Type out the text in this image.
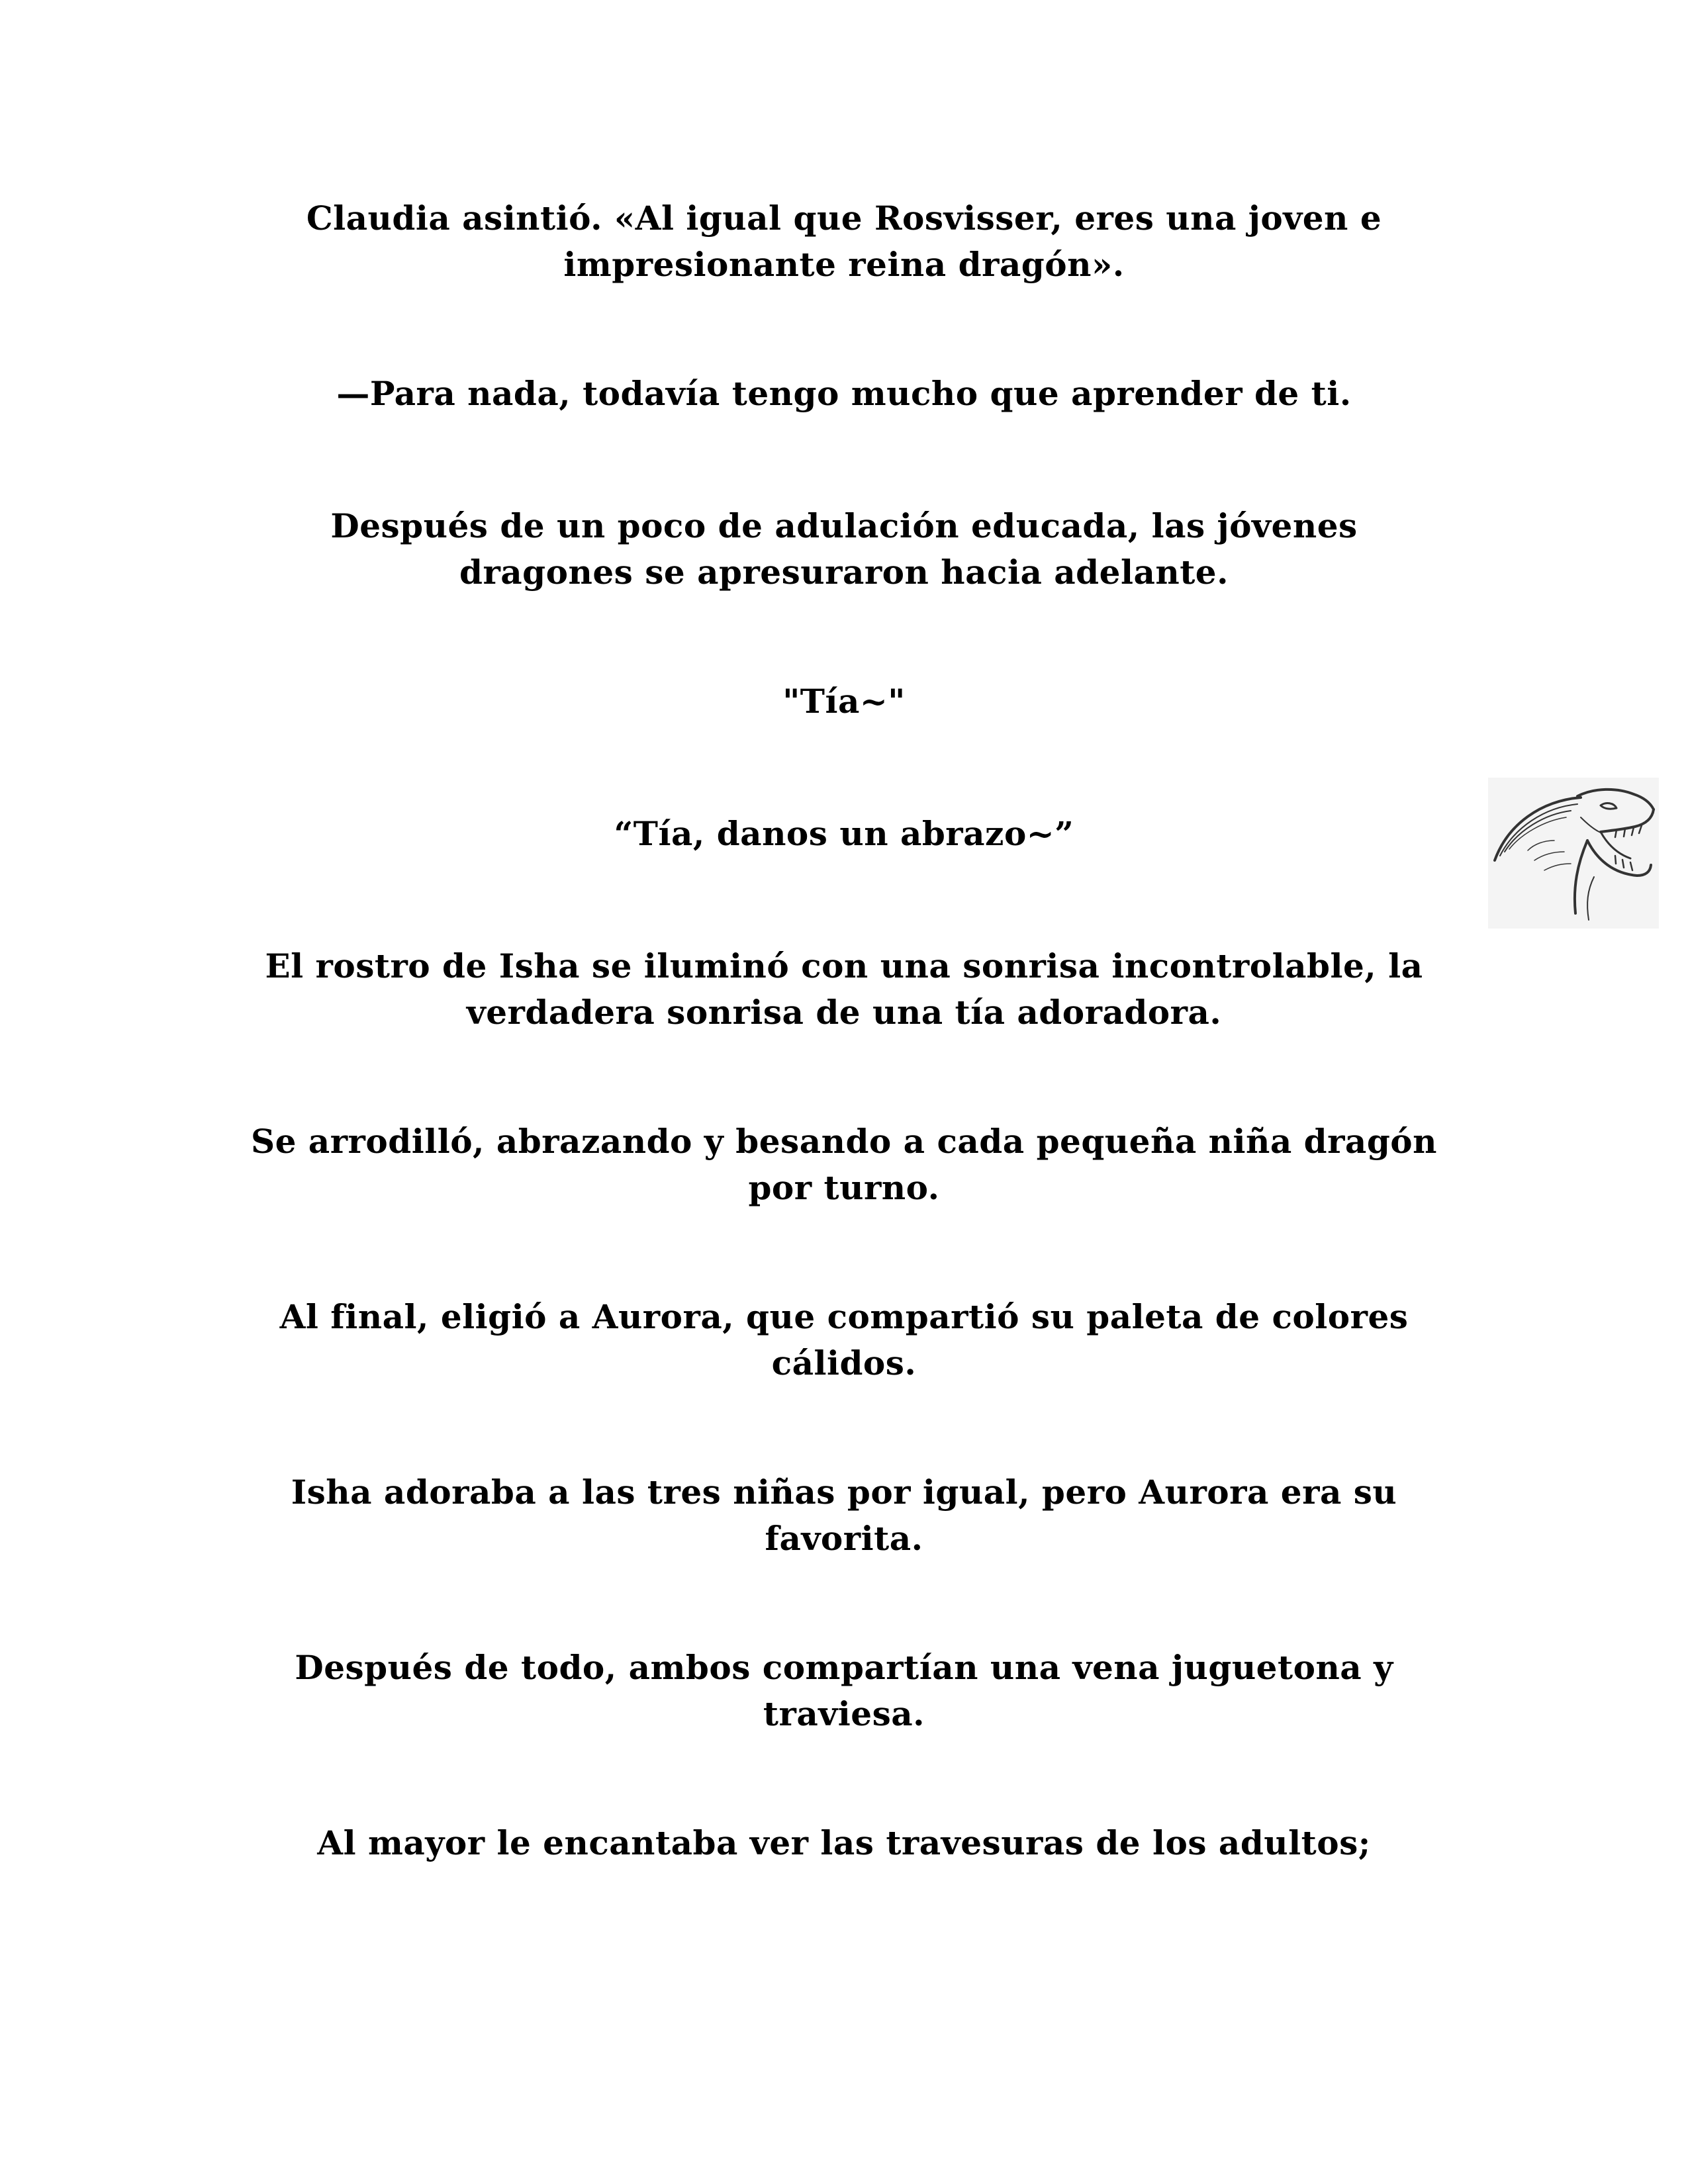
Claudia asintió. «Al igual que Rosvisser, eres una joven e
impresionante reina dragón».

—Para nada, todavía tengo mucho que aprender de ti.

Después de un poco de adulación educada, las jóvenes
dragones se apresuraron hacia adelante.

"Tía~"

“Tía, danos un abrazo~”

El rostro de Isha se iluminó con una sonrisa incontrolable, la
verdadera sonrisa de una tía adoradora.

Se arrodilló, abrazando y besando a cada pequeña niña dragón
por turno.

Al final, eligió a Aurora, que compartió su paleta de colores
cálidos.

Isha adoraba a las tres niñas por igual, pero Aurora era su
favorita.

Después de todo, ambos compartían una vena juguetona y
traviesa.

Al mayor le encantaba ver las travesuras de los adultos;
